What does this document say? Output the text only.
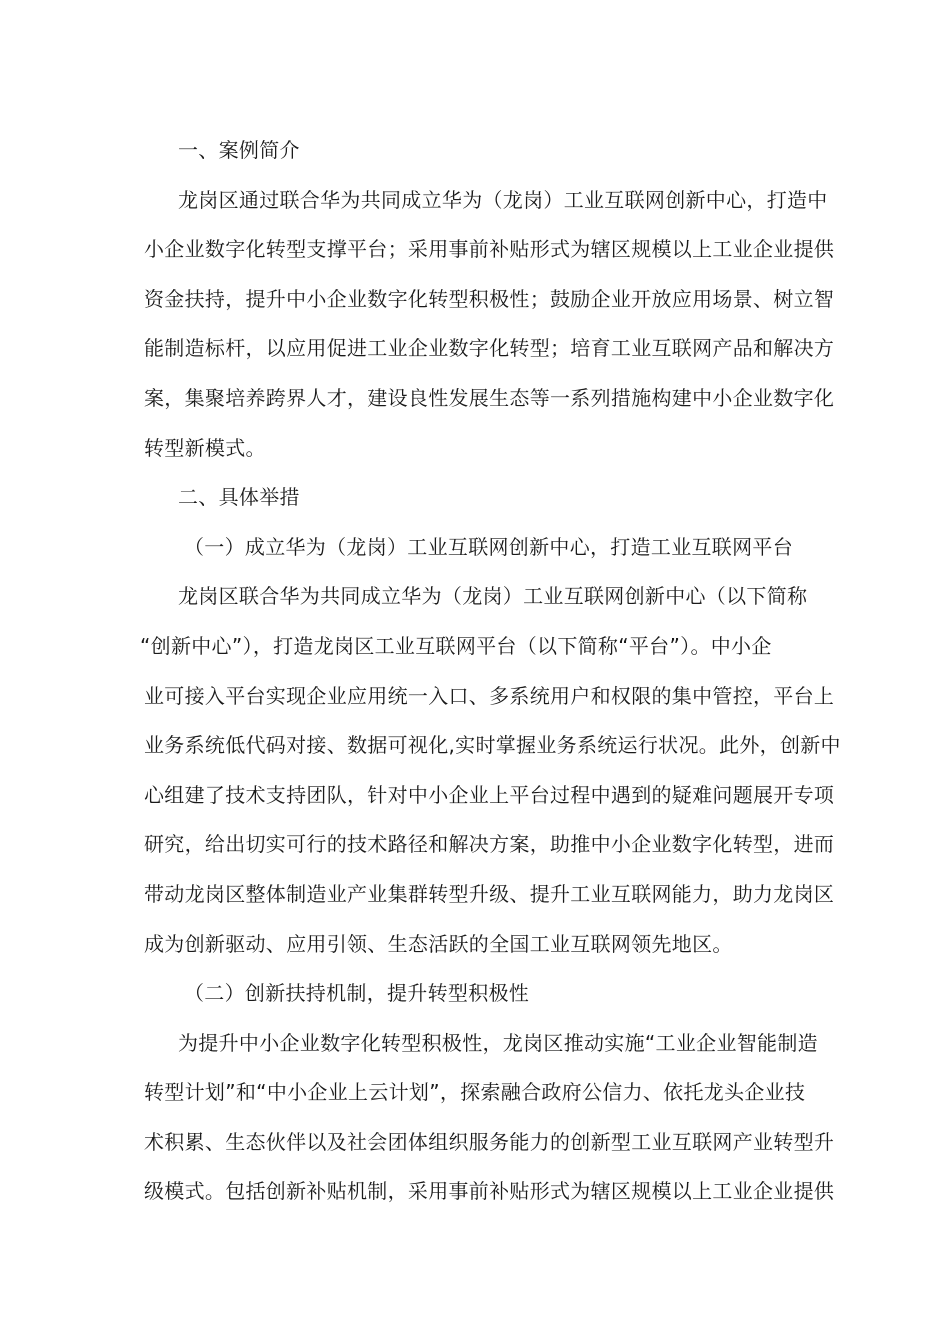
一、案例简介
龙岗区通过联合华为共同成立华为（龙岗）工业互联网创新中心，打造中
小企业数字化转型支撑平台；采用事前补贴形式为辖区规模以上工业企业提供
资金扶持，提升中小企业数字化转型积极性；鼓励企业开放应用场景、树立智
能制造标杆，以应用促进工业企业数字化转型；培育工业互联网产品和解决方
案，集聚培养跨界人才，建设良性发展生态等一系列措施构建中小企业数字化
转型新模式。
二、具体举措
（一）成立华为（龙岗）工业互联网创新中心，打造工业互联网平台
龙岗区联合华为共同成立华为（龙岗）工业互联网创新中心（以下简称
“创新中心”），打造龙岗区工业互联网平台（以下简称“平台”）。中小企
业可接入平台实现企业应用统一入口、多系统用户和权限的集中管控，平台上
业务系统低代码对接、数据可视化,实时掌握业务系统运行状况。此外，创新中
心组建了技术支持团队，针对中小企业上平台过程中遇到的疑难问题展开专项
研究，给出切实可行的技术路径和解决方案，助推中小企业数字化转型，进而
带动龙岗区整体制造业产业集群转型升级、提升工业互联网能力，助力龙岗区
成为创新驱动、应用引领、生态活跃的全国工业互联网领先地区。
（二）创新扶持机制，提升转型积极性
为提升中小企业数字化转型积极性，龙岗区推动实施“工业企业智能制造
转型计划”和“中小企业上云计划”，探索融合政府公信力、依托龙头企业技
术积累、生态伙伴以及社会团体组织服务能力的创新型工业互联网产业转型升
级模式。包括创新补贴机制，采用事前补贴形式为辖区规模以上工业企业提供
